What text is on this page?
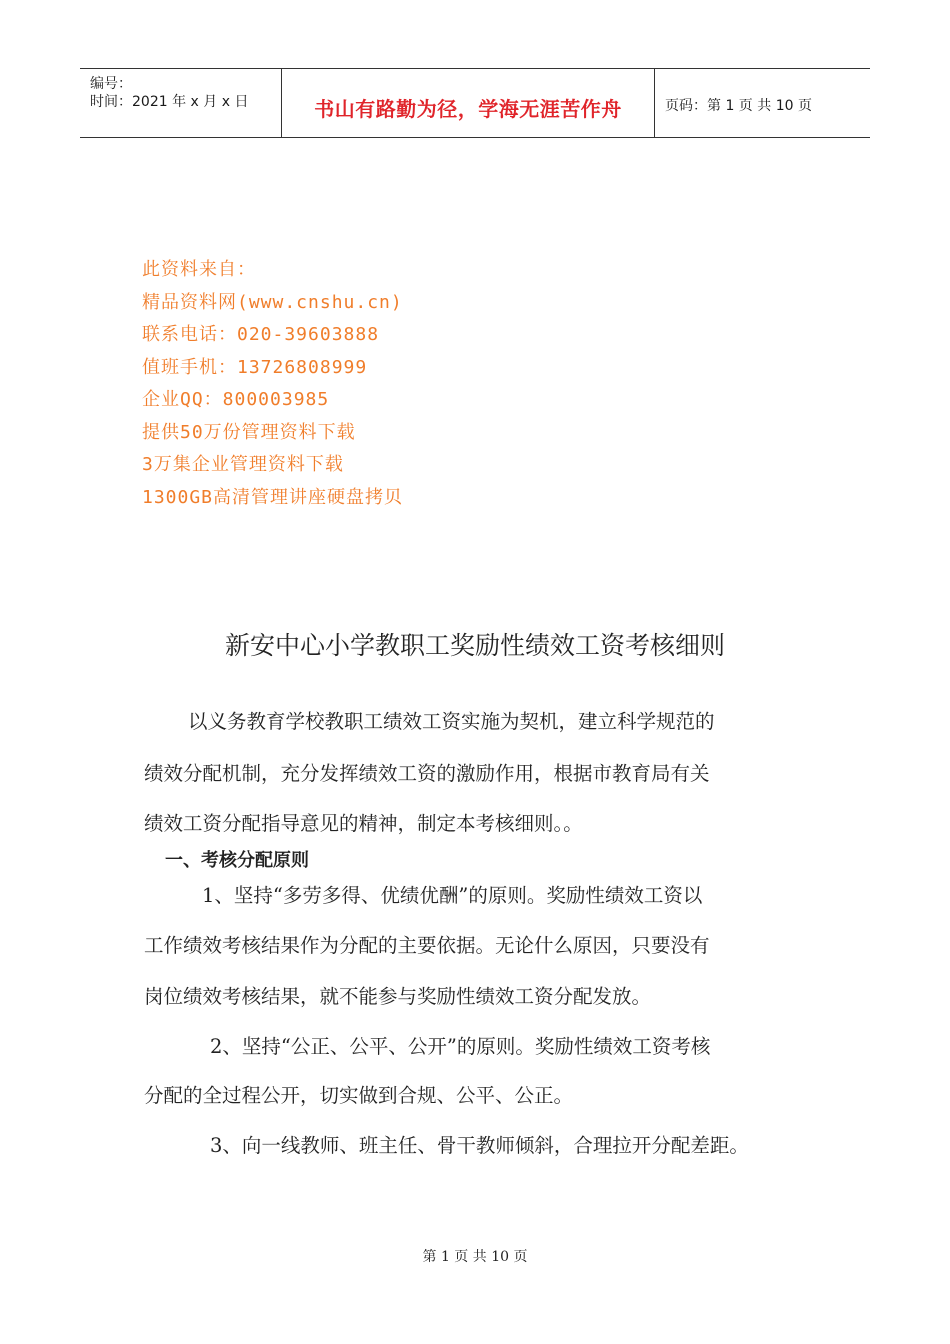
编号：
时间：2021 年 x 月 x 日	书山有路勤为径，学海无涯苦作舟	页码：第 1 页 共 10 页
此资料来自：
精品资料网(www.cnshu.cn)
联系电话：020-39603888
值班手机：13726808999
企业QQ：800003985
提供50万份管理资料下载
3万集企业管理资料下载
1300GB高清管理讲座硬盘拷贝
新安中心小学教职工奖励性绩效工资考核细则
以义务教育学校教职工绩效工资实施为契机，建立科学规范的
绩效分配机制，充分发挥绩效工资的激励作用，根据市教育局有关
绩效工资分配指导意见的精神，制定本考核细则。。
一、考核分配原则
1、坚持“多劳多得、优绩优酬”的原则。奖励性绩效工资以
工作绩效考核结果作为分配的主要依据。无论什么原因，只要没有
岗位绩效考核结果，就不能参与奖励性绩效工资分配发放。
2、坚持“公正、公平、公开”的原则。奖励性绩效工资考核
分配的全过程公开，切实做到合规、公平、公正。
3、向一线教师、班主任、骨干教师倾斜，合理拉开分配差距。
第 1 页 共 10 页
